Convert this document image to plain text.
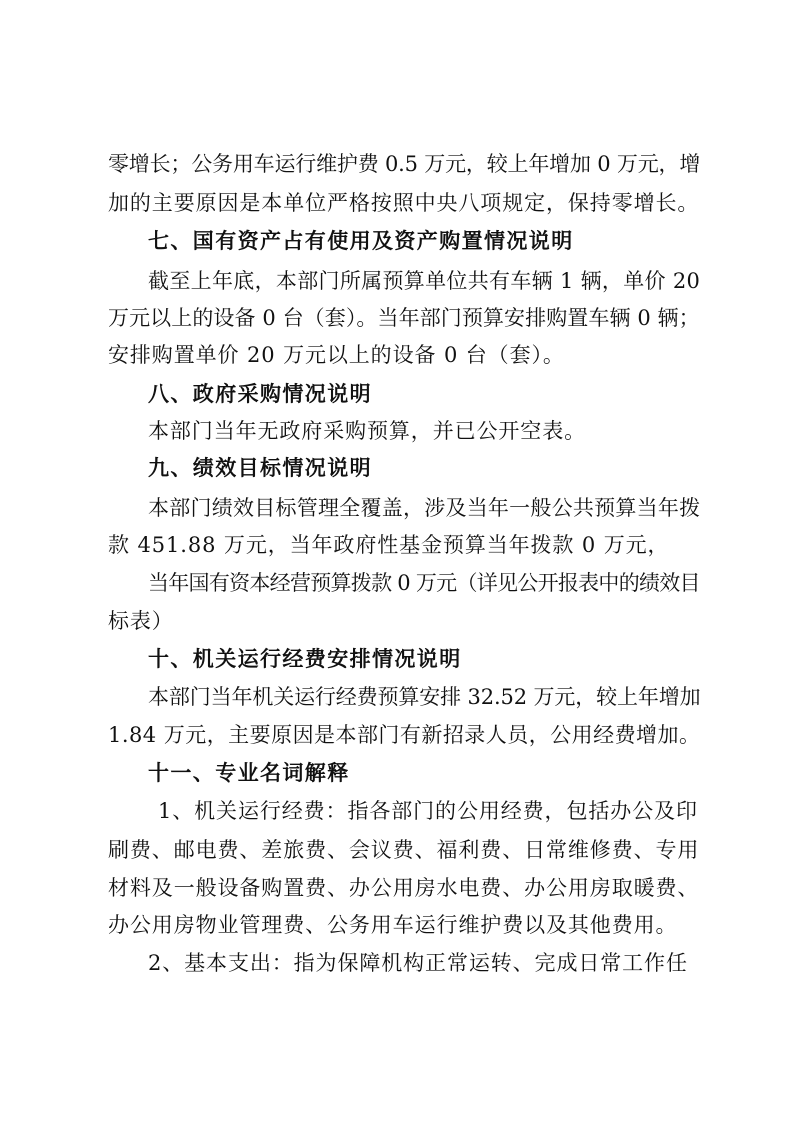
零增长；公务用车运行维护费 0.5 万元，较上年增加 0 万元，增
加的主要原因是本单位严格按照中央八项规定，保持零增长。
七、国有资产占有使用及资产购置情况说明
截至上年底，本部门所属预算单位共有车辆 1 辆，单价 20
万元以上的设备 0 台（套）。当年部门预算安排购置车辆 0 辆；
安排购置单价 20 万元以上的设备 0 台（套）。
八、政府采购情况说明
本部门当年无政府采购预算，并已公开空表。
九、绩效目标情况说明
本部门绩效目标管理全覆盖，涉及当年一般公共预算当年拨
款 451.88 万元，当年政府性基金预算当年拨款 0 万元，
当年国有资本经营预算拨款 0 万元（详见公开报表中的绩效目
标表）
十、机关运行经费安排情况说明
本部门当年机关运行经费预算安排 32.52 万元，较上年增加
1.84 万元，主要原因是本部门有新招录人员，公用经费增加。
十一、专业名词解释
1、机关运行经费：指各部门的公用经费，包括办公及印
刷费、邮电费、差旅费、会议费、福利费、日常维修费、专用
材料及一般设备购置费、办公用房水电费、办公用房取暖费、
办公用房物业管理费、公务用车运行维护费以及其他费用。
2、基本支出：指为保障机构正常运转、完成日常工作任
